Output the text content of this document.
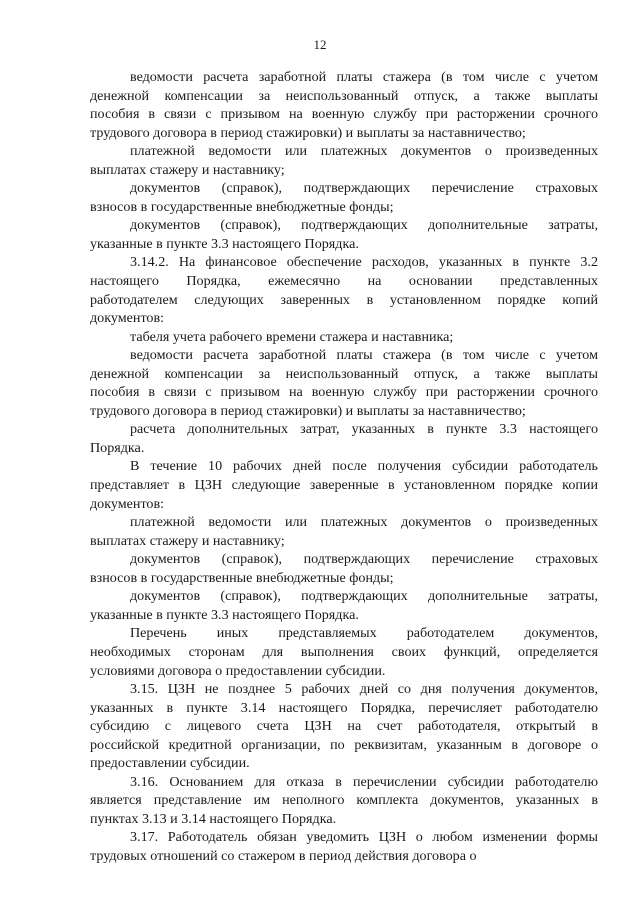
12
ведомости расчета заработной платы стажера (в том числе с учетом
денежной компенсации за неиспользованный отпуск, а также выплаты
пособия в связи с призывом на военную службу при расторжении срочного
трудового договора в период стажировки) и выплаты за наставничество;
платежной ведомости или платежных документов о произведенных
выплатах стажеру и наставнику;
документов (справок), подтверждающих перечисление страховых
взносов в государственные внебюджетные фонды;
документов (справок), подтверждающих дополнительные затраты,
указанные в пункте 3.3 настоящего Порядка.
3.14.2. На финансовое обеспечение расходов, указанных в пункте 3.2
настоящего Порядка, ежемесячно на основании представленных
работодателем следующих заверенных в установленном порядке копий
документов:
табеля учета рабочего времени стажера и наставника;
ведомости расчета заработной платы стажера (в том числе с учетом
денежной компенсации за неиспользованный отпуск, а также выплаты
пособия в связи с призывом на военную службу при расторжении срочного
трудового договора в период стажировки) и выплаты за наставничество;
расчета дополнительных затрат, указанных в пункте 3.3 настоящего
Порядка.
В течение 10 рабочих дней после получения субсидии работодатель
представляет в ЦЗН следующие заверенные в установленном порядке копии
документов:
платежной ведомости или платежных документов о произведенных
выплатах стажеру и наставнику;
документов (справок), подтверждающих перечисление страховых
взносов в государственные внебюджетные фонды;
документов (справок), подтверждающих дополнительные затраты,
указанные в пункте 3.3 настоящего Порядка.
Перечень иных представляемых работодателем документов,
необходимых сторонам для выполнения своих функций, определяется
условиями договора о предоставлении субсидии.
3.15. ЦЗН не позднее 5 рабочих дней со дня получения документов,
указанных в пункте 3.14 настоящего Порядка, перечисляет работодателю
субсидию с лицевого счета ЦЗН на счет работодателя, открытый в
российской кредитной организации, по реквизитам, указанным в договоре о
предоставлении субсидии.
3.16. Основанием для отказа в перечислении субсидии работодателю
является представление им неполного комплекта документов, указанных в
пунктах 3.13 и 3.14 настоящего Порядка.
3.17. Работодатель обязан уведомить ЦЗН о любом изменении формы
трудовых отношений со стажером в период действия договора о
